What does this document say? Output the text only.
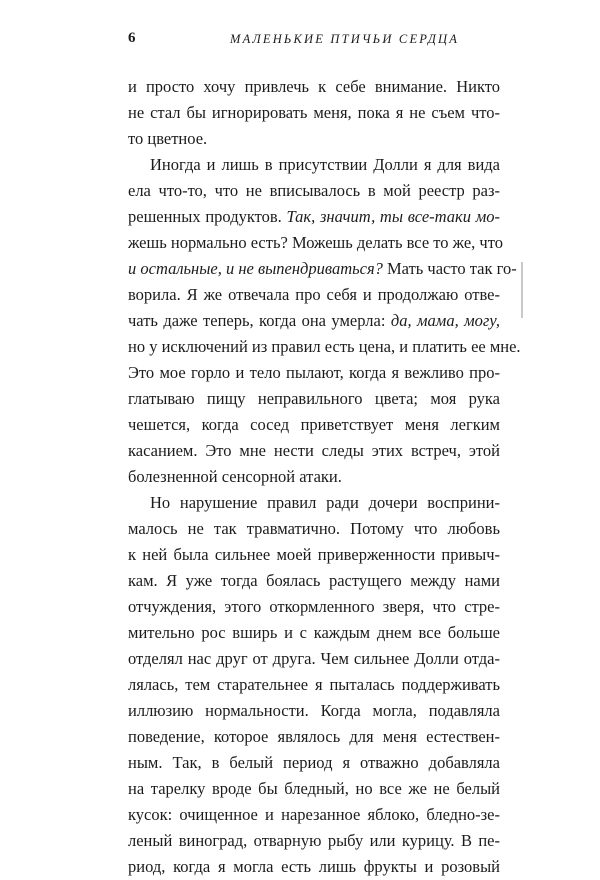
6	МАЛЕНЬКИЕ ПТИЧЬИ СЕРДЦА
и просто хочу привлечь к себе внимание. Никто
не стал бы игнорировать меня, пока я не съем что-
то цветное.
Иногда и лишь в присутствии Долли я для вида
ела что-то, что не вписывалось в мой реестр раз-
решенных продуктов. Так, значит, ты все-таки мо-
жешь нормально есть? Можешь делать все то же, что
и остальные, и не выпендриваться? Мать часто так го-
ворила. Я же отвечала про себя и продолжаю отве-
чать даже теперь, когда она умерла: да, мама, могу,
но у исключений из правил есть цена, и платить ее мне.
Это мое горло и тело пылают, когда я вежливо про-
глатываю пищу неправильного цвета; моя рука
чешется, когда сосед приветствует меня легким
касанием. Это мне нести следы этих встреч, этой
болезненной сенсорной атаки.
Но нарушение правил ради дочери восприни-
малось не так травматично. Потому что любовь
к ней была сильнее моей приверженности привыч-
кам. Я уже тогда боялась растущего между нами
отчуждения, этого откормленного зверя, что стре-
мительно рос вширь и с каждым днем все больше
отделял нас друг от друга. Чем сильнее Долли отда-
лялась, тем старательнее я пыталась поддерживать
иллюзию нормальности. Когда могла, подавляла
поведение, которое являлось для меня естествен-
ным. Так, в белый период я отважно добавляла
на тарелку вроде бы бледный, но все же не белый
кусок: очищенное и нарезанное яблоко, бледно-зе-
леный виноград, отварную рыбу или курицу. В пе-
риод, когда я могла есть лишь фрукты и розовый
